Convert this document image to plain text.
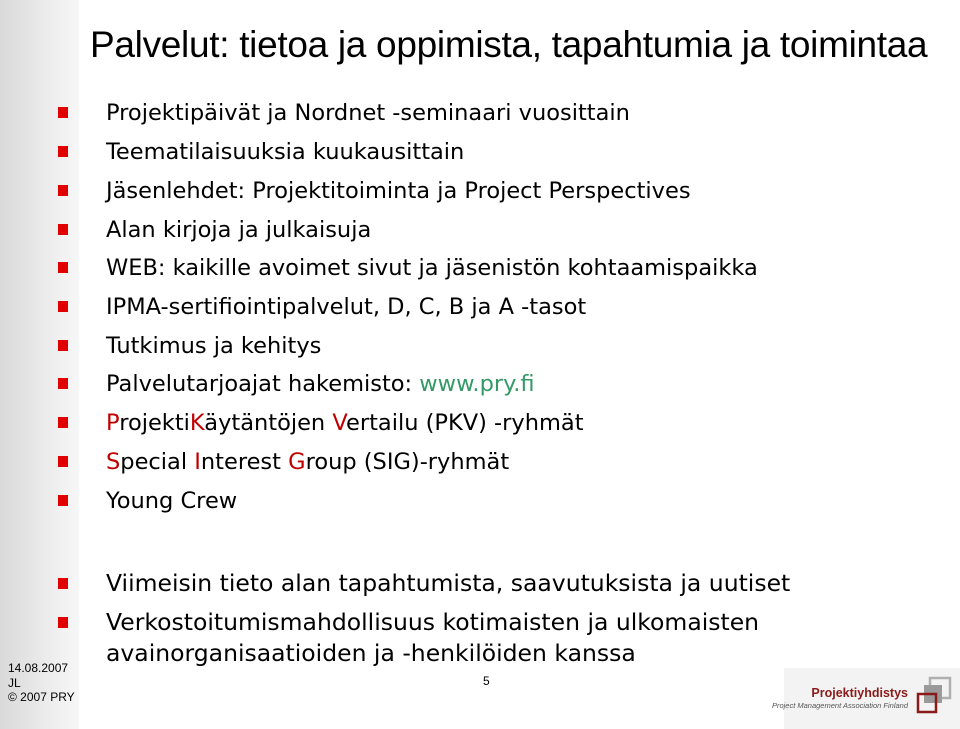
Palvelut: tietoa ja oppimista, tapahtumia ja toimintaa
Projektipäivät ja Nordnet -seminaari vuosittain
Teematilaisuuksia kuukausittain
Jäsenlehdet: Projektitoiminta ja Project Perspectives
Alan kirjoja ja julkaisuja
WEB: kaikille avoimet sivut ja jäsenistön kohtaamispaikka
IPMA-sertifiointipalvelut, D, C, B ja A -tasot
Tutkimus ja kehitys
Palvelutarjoajat hakemisto: www.pry.fi
ProjektiKäytäntöjen Vertailu (PKV) -ryhmät
Special Interest Group (SIG)-ryhmät
Young Crew
Viimeisin tieto alan tapahtumista, saavutuksista ja uutiset
Verkostoitumismahdollisuus kotimaisten ja ulkomaisten
avainorganisaatioiden ja -henkilöiden kanssa
14.08.2007
JL
© 2007 PRY
5
Projektiyhdistys
Project Management Association Finland
